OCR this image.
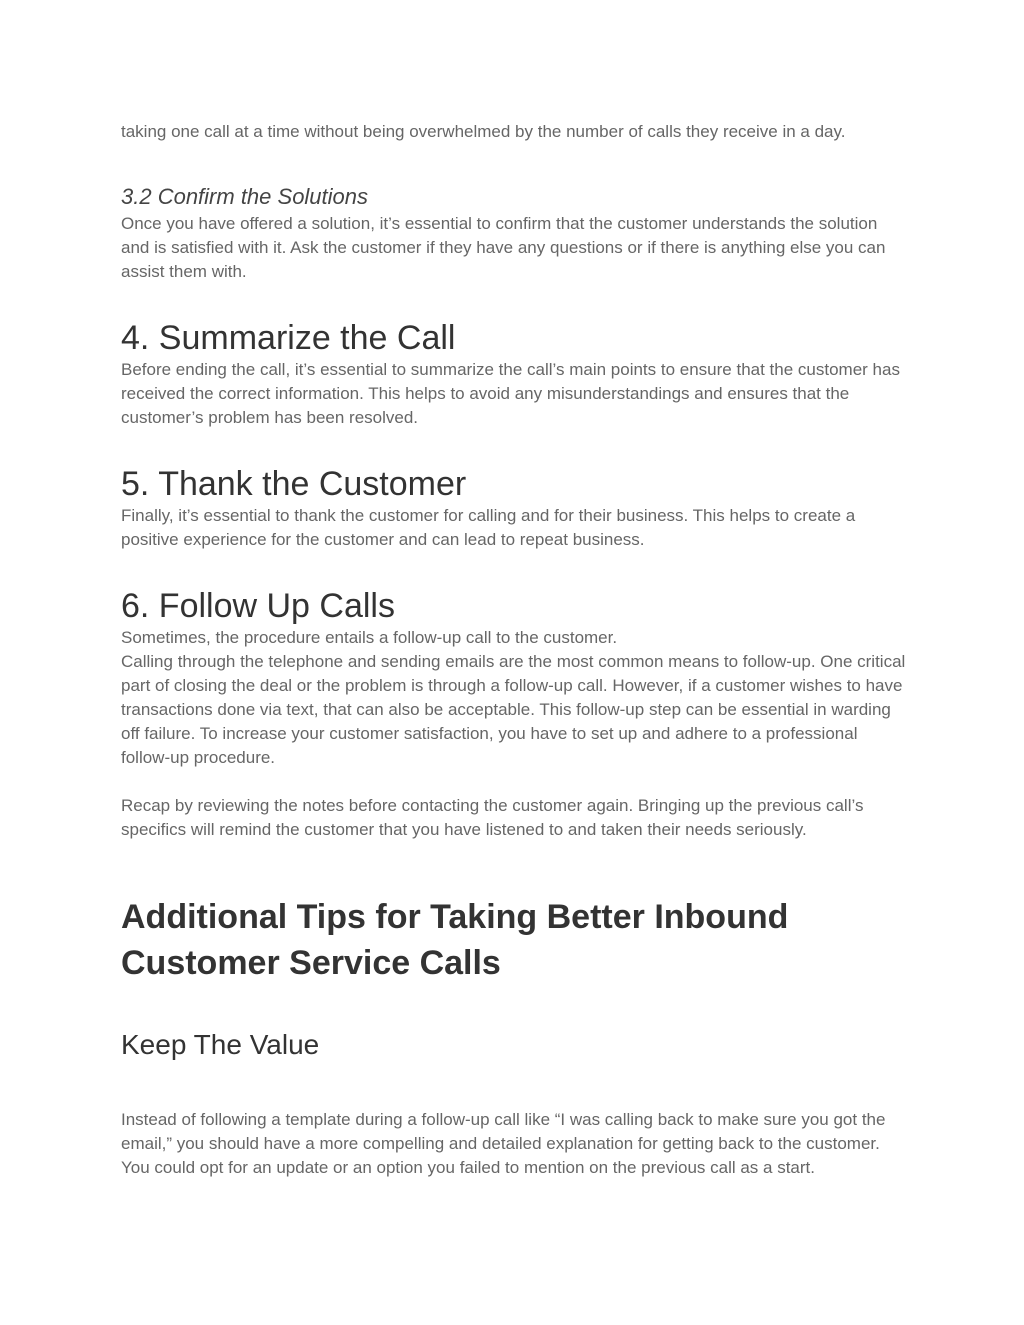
taking one call at a time without being overwhelmed by the number of calls they receive in a day.

3.2 Confirm the Solutions

Once you have offered a solution, it’s essential to confirm that the customer understands the solution and is satisfied with it. Ask the customer if they have any questions or if there is anything else you can assist them with.

4. Summarize the Call

Before ending the call, it’s essential to summarize the call’s main points to ensure that the customer has received the correct information. This helps to avoid any misunderstandings and ensures that the customer’s problem has been resolved.

5. Thank the Customer

Finally, it’s essential to thank the customer for calling and for their business. This helps to create a positive experience for the customer and can lead to repeat business.

6. Follow Up Calls

Sometimes, the procedure entails a follow-up call to the customer.

Calling through the telephone and sending emails are the most common means to follow-up. One critical part of closing the deal or the problem is through a follow-up call. However, if a customer wishes to have transactions done via text, that can also be acceptable. This follow-up step can be essential in warding off failure. To increase your customer satisfaction, you have to set up and adhere to a professional follow-up procedure.

Recap by reviewing the notes before contacting the customer again. Bringing up the previous call’s specifics will remind the customer that you have listened to and taken their needs seriously.

Additional Tips for Taking Better Inbound Customer Service Calls
Keep The Value

Instead of following a template during a follow-up call like “I was calling back to make sure you got the email,” you should have a more compelling and detailed explanation for getting back to the customer. You could opt for an update or an option you failed to mention on the previous call as a start.
